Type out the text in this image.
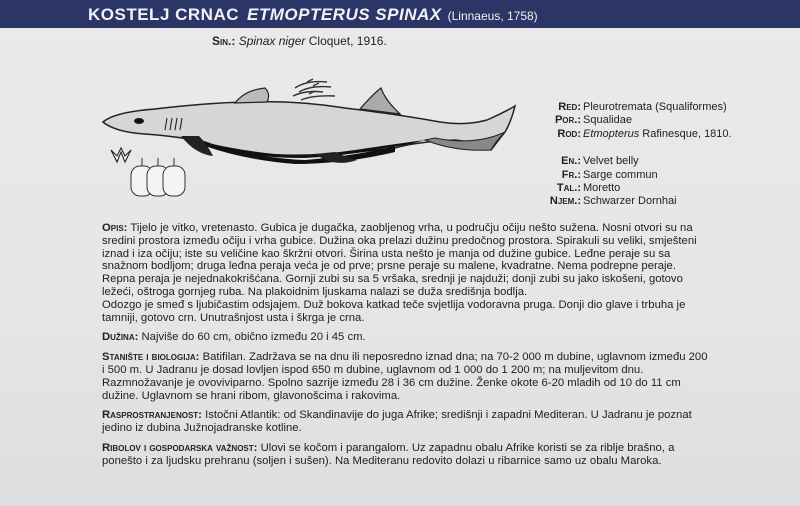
KOSTELJ CRNAC ETMOPTERUS SPINAX (Linnaeus, 1758)
Sin.: Spinax niger Cloquet, 1916.
Red: Pleurotremata (Squaliformes)
Por.: Squalidae
Rod: Etmopterus Rafinesque, 1810.
En.: Velvet belly
Fr.: Sarge commun
Tal.: Moretto
Njem.: Schwarzer Dornhai
Opis: Tijelo je vitko, vretenasto. Gubica je dugačka, zaobljenog vrha, u području očiju nešto sužena. Nosni otvori su na
sredini prostora između očiju i vrha gubice. Dužina oka prelazi dužinu predočnog prostora. Spirakuli su veliki, smješteni
iznad i iza očiju; iste su veličine kao škržni otvori. Širina usta nešto je manja od dužine gubice. Leđne peraje su sa
snažnom bodljom; druga leđna peraja veća je od prve; prsne peraje su malene, kvadratne. Nema podrepne peraje.
Repna peraja je nejednakokrišćana. Gornji zubi su sa 5 vršaka, srednji je najduži; donji zubi su jako iskošeni, gotovo
ležeći, oštroga gornjeg ruba. Na plakoidnim ljuskama nalazi se duža središnja bodlja.
Odozgo je smeđ s ljubičastim odsjajem. Duž bokova katkad teče svjetlija vodoravna pruga. Donji dio glave i trbuha je
tamniji, gotovo crn. Unutrašnjost usta i škrga je crna.
Dužina: Najviše do 60 cm, obično između 20 i 45 cm.
Stanište i biologija: Batifilan. Zadržava se na dnu ili neposredno iznad dna; na 70-2 000 m dubine, uglavnom između 200
i 500 m. U Jadranu je dosad lovljen ispod 650 m dubine, uglavnom od 1 000 do 1 200 m; na muljevitom dnu.
Razmnožavanje je ovoviviparno. Spolno sazrije između 28 i 36 cm dužine. Ženke okote 6-20 mladih od 10 do 11 cm
dužine. Uglavnom se hrani ribom, glavonošcima i rakovima.
Rasprostranjenost: Istočni Atlantik: od Skandinavije do juga Afrike; središnji i zapadni Mediteran. U Jadranu je poznat
jedino iz dubina Južnojadranske kotline.
Ribolov i gospodarska važnost: Ulovi se kočom i parangalom. Uz zapadnu obalu Afrike koristi se za riblje brašno, a
ponešto i za ljudsku prehranu (soljen i sušen). Na Mediteranu redovito dolazi u ribarnice samo uz obalu Maroka.
